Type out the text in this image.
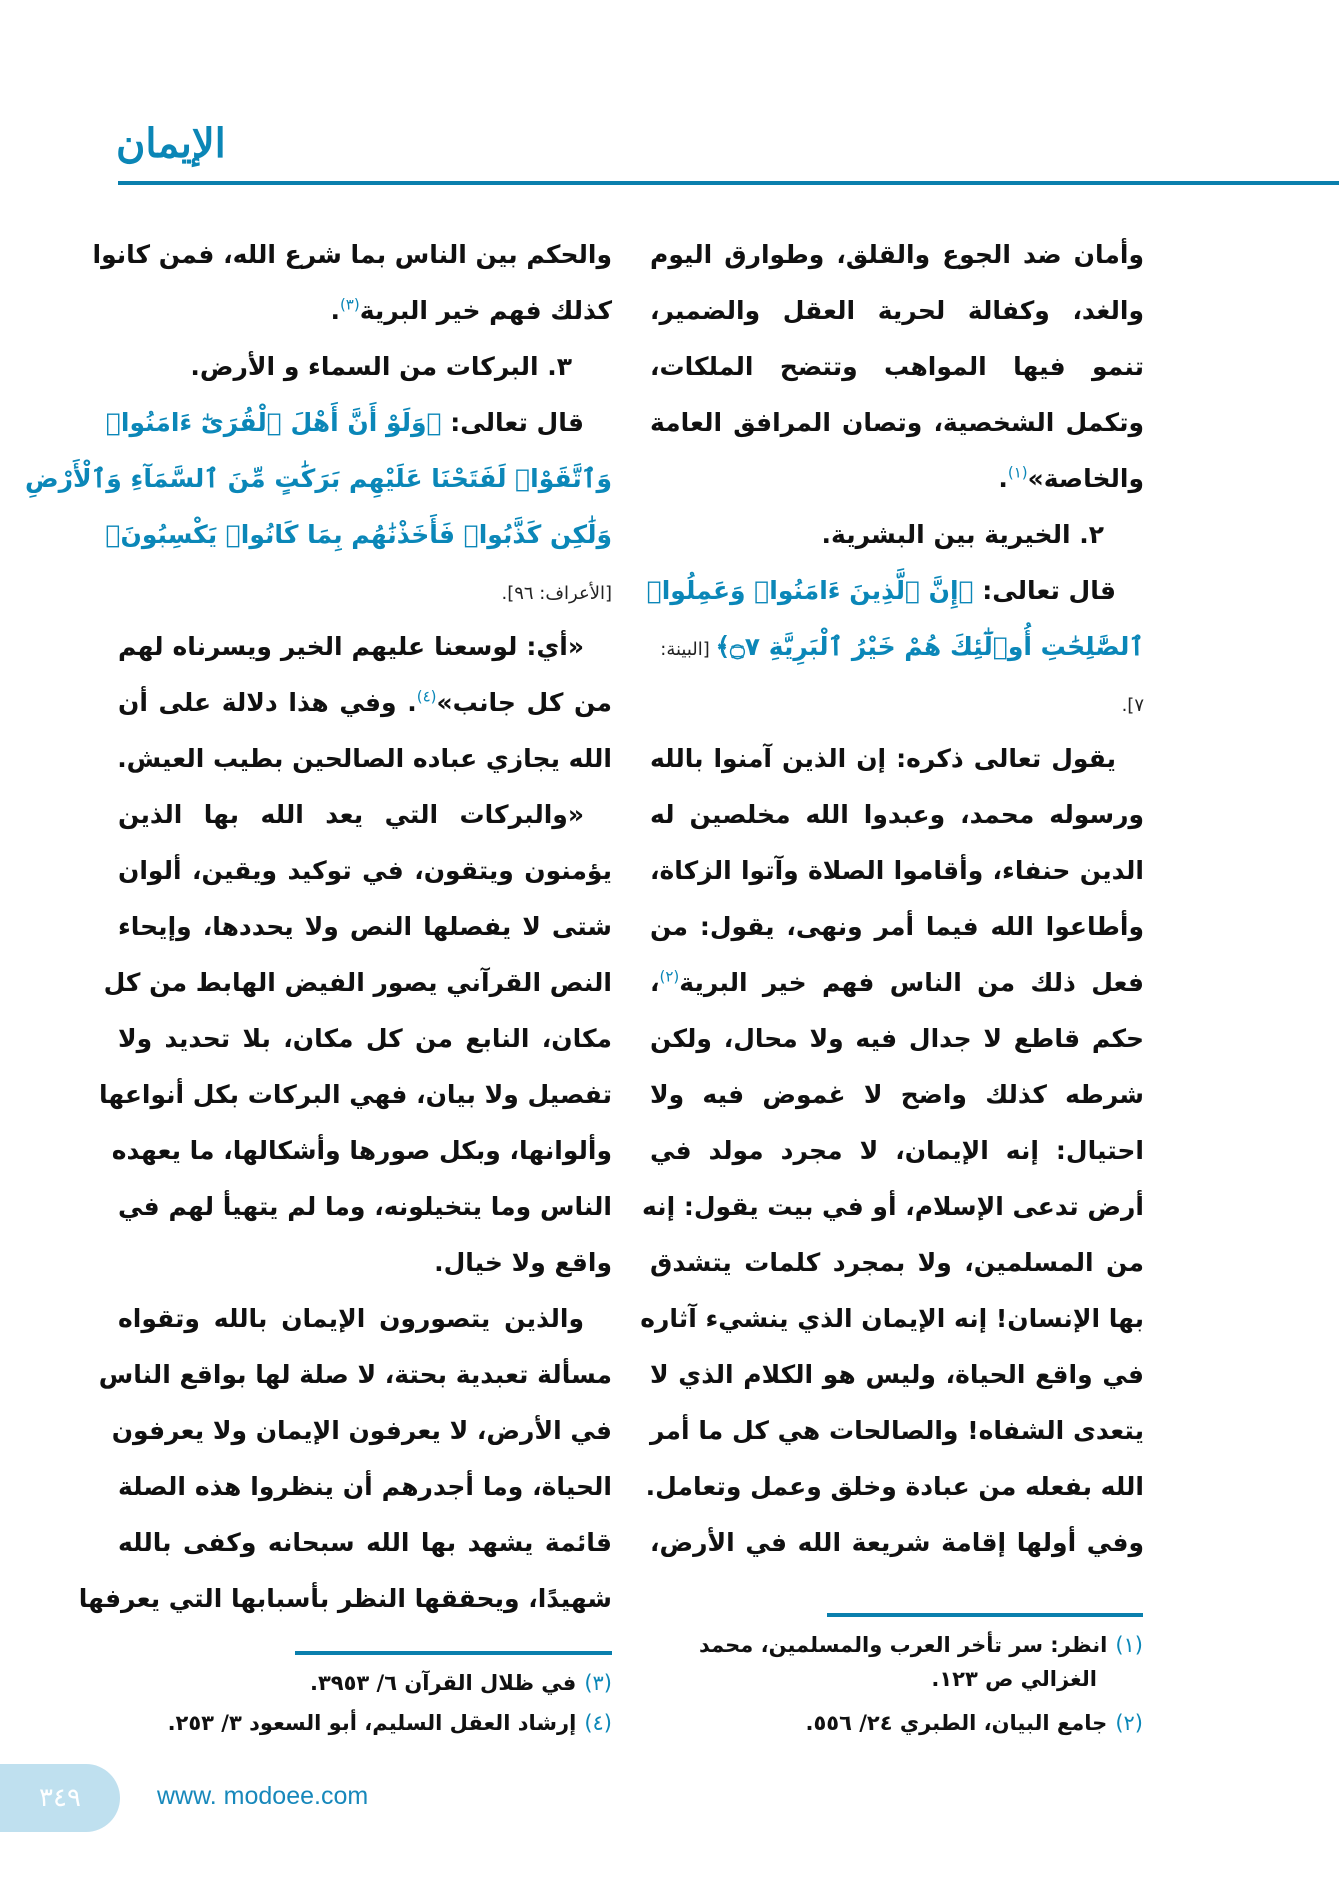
الإيمان
وأمان ضد الجوع والقلق، وطوارق اليوم
والغد، وكفالة لحرية العقل والضمير،
تنمو فيها المواهب وتتضح الملكات،
وتكمل الشخصية، وتصان المرافق العامة
والخاصة»$^{(١)}$.
٢. الخيرية بين البشرية.
قال تعالى: ﴿إِنَّ ٱلَّذِينَ ءَامَنُوا۟ وَعَمِلُوا۟
ٱلصَّٰلِحَٰتِ أُو۟لَٰٓئِكَ هُمْ خَيْرُ ٱلْبَرِيَّةِ ۝٧﴾ [البينة:
٧].
يقول تعالى ذكره: إن الذين آمنوا بالله
ورسوله محمد، وعبدوا الله مخلصين له
الدين حنفاء، وأقاموا الصلاة وآتوا الزكاة،
وأطاعوا الله فيما أمر ونهى، يقول: من
فعل ذلك من الناس فهم خير البرية$^{(٢)}$،
حكم قاطع لا جدال فيه ولا محال، ولكن
شرطه كذلك واضح لا غموض فيه ولا
احتيال: إنه الإيمان، لا مجرد مولد في
أرض تدعى الإسلام، أو في بيت يقول: إنه
من المسلمين، ولا بمجرد كلمات يتشدق
بها الإنسان! إنه الإيمان الذي ينشيء آثاره
في واقع الحياة، وليس هو الكلام الذي لا
يتعدى الشفاه! والصالحات هي كل ما أمر
الله بفعله من عبادة وخلق وعمل وتعامل.
وفي أولها إقامة شريعة الله في الأرض،
والحكم بين الناس بما شرع الله، فمن كانوا
كذلك فهم خير البرية$^{(٣)}$.
٣. البركات من السماء و الأرض.
قال تعالى: ﴿وَلَوْ أَنَّ أَهْلَ ٱلْقُرَىٰٓ ءَامَنُوا۟
وَٱتَّقَوْا۟ لَفَتَحْنَا عَلَيْهِم بَرَكَٰتٍ مِّنَ ٱلسَّمَآءِ وَٱلْأَرْضِ
وَلَٰكِن كَذَّبُوا۟ فَأَخَذْنَٰهُم بِمَا كَانُوا۟ يَكْسِبُونَ﴾
[الأعراف: ٩٦].
«أي: لوسعنا عليهم الخير ويسرناه لهم
من كل جانب»$^{(٤)}$. وفي هذا دلالة على أن
الله يجازي عباده الصالحين بطيب العيش.
«والبركات التي يعد الله بها الذين
يؤمنون ويتقون، في توكيد ويقين، ألوان
شتى لا يفصلها النص ولا يحددها، وإيحاء
النص القرآني يصور الفيض الهابط من كل
مكان، النابع من كل مكان، بلا تحديد ولا
تفصيل ولا بيان، فهي البركات بكل أنواعها
وألوانها، وبكل صورها وأشكالها، ما يعهده
الناس وما يتخيلونه، وما لم يتهيأ لهم في
واقع ولا خيال.
والذين يتصورون الإيمان بالله وتقواه
مسألة تعبدية بحتة، لا صلة لها بواقع الناس
في الأرض، لا يعرفون الإيمان ولا يعرفون
الحياة، وما أجدرهم أن ينظروا هذه الصلة
قائمة يشهد بها الله سبحانه وكفى بالله
شهيدًا، ويحققها النظر بأسبابها التي يعرفها
(١)انظر: سر تأخر العرب والمسلمين، محمد
الغزالي ص ١٢٣.
(٢)جامع البيان، الطبري ٢٤/ ٥٥٦.
(٣)في ظلال القرآن ٦/ ٣٩٥٣.
(٤)إرشاد العقل السليم، أبو السعود ٣/ ٢٥٣.
٣٤٩	www. modoee.com
